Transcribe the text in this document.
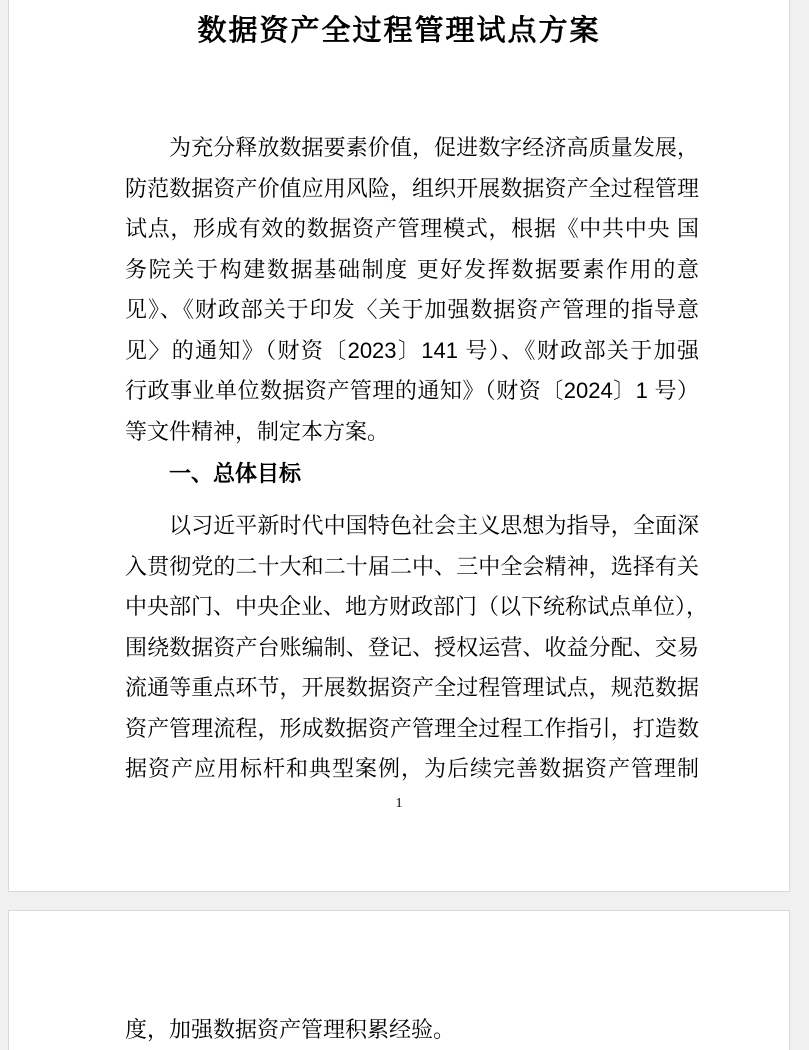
数据资产全过程管理试点方案
为充分释放数据要素价值，促进数字经济高质量发展，
防范数据资产价值应用风险，组织开展数据资产全过程管理
试点，形成有效的数据资产管理模式，根据《中共中央 国
务院关于构建数据基础制度 更好发挥数据要素作用的意
见》、《财政部关于印发〈关于加强数据资产管理的指导意
见〉的通知》（财资〔2023〕141 号）、《财政部关于加强
行政事业单位数据资产管理的通知》（财资〔2024〕1 号）
等文件精神，制定本方案。
一、总体目标
以习近平新时代中国特色社会主义思想为指导，全面深
入贯彻党的二十大和二十届二中、三中全会精神，选择有关
中央部门、中央企业、地方财政部门（以下统称试点单位），
围绕数据资产台账编制、登记、授权运营、收益分配、交易
流通等重点环节，开展数据资产全过程管理试点，规范数据
资产管理流程，形成数据资产管理全过程工作指引，打造数
据资产应用标杆和典型案例，为后续完善数据资产管理制
1
度，加强数据资产管理积累经验。
